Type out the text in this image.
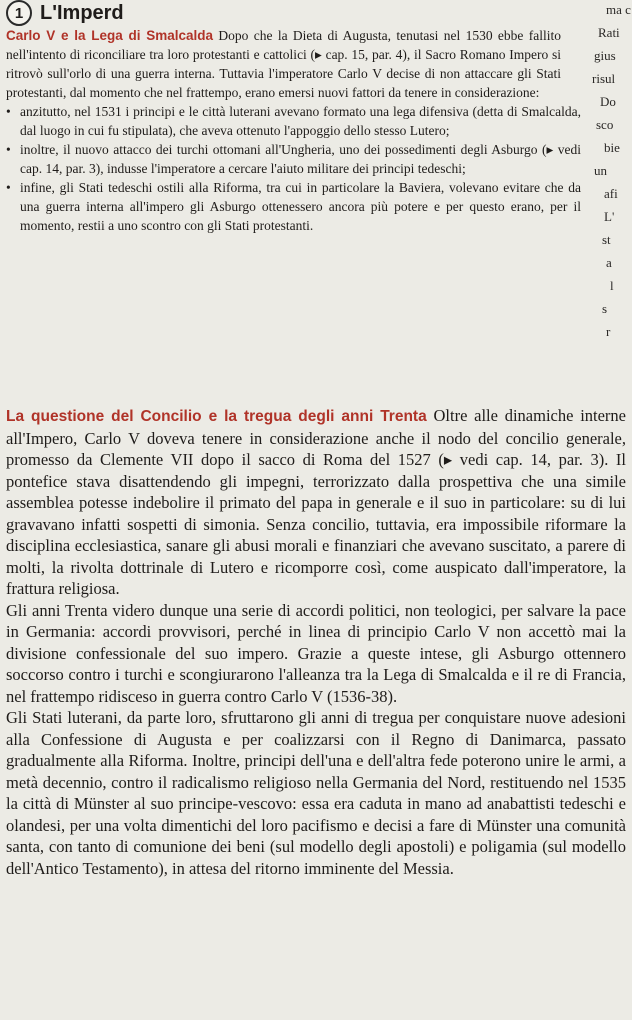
1 L'Imperd	ma c
Rati
gius
risul
Do
sco
bie
un
afi
L'
st
a
l
s
r

Carlo V e la Lega di Smalcalda Dopo che la Dieta di Augusta, tenutasi nel 1530 ebbe fallito nell'intento di riconciliare tra loro protestanti e cattolici (▸ cap. 15, par. 4), il Sacro Romano Impero si ritrovò sull'orlo di una guerra interna. Tuttavia l'imperatore Carlo V decise di non attaccare gli Stati protestanti, dal momento che nel frattempo, erano emersi nuovi fattori da tenere in considerazione:

• anzitutto, nel 1531 i principi e le città luterani avevano formato una lega difensiva (detta di Smalcalda, dal luogo in cui fu stipulata), che aveva ottenuto l'appoggio dello stesso Lutero;
• inoltre, il nuovo attacco dei turchi ottomani all'Ungheria, uno dei possedimenti degli Asburgo (▸ vedi cap. 14, par. 3), indusse l'imperatore a cercare l'aiuto militare dei principi tedeschi;
• infine, gli Stati tedeschi ostili alla Riforma, tra cui in particolare la Baviera, volevano evitare che da una guerra interna all'impero gli Asburgo ottenessero ancora più potere e per questo erano, per il momento, restii a uno scontro con gli Stati protestanti.

La questione del Concilio e la tregua degli anni Trenta Oltre alle dinamiche interne all'Impero, Carlo V doveva tenere in considerazione anche il nodo del concilio generale, promesso da Clemente VII dopo il sacco di Roma del 1527 (▸ vedi cap. 14, par. 3). Il pontefice stava disattendendo gli impegni, terrorizzato dalla prospettiva che una simile assemblea potesse indebolire il primato del papa in generale e il suo in particolare: su di lui gravavano infatti sospetti di simonia. Senza concilio, tuttavia, era impossibile riformare la disciplina ecclesiastica, sanare gli abusi morali e finanziari che avevano suscitato, a parere di molti, la rivolta dottrinale di Lutero e ricomporre così, come auspicato dall'imperatore, la frattura religiosa.

Gli anni Trenta videro dunque una serie di accordi politici, non teologici, per salvare la pace in Germania: accordi provvisori, perché in linea di principio Carlo V non accettò mai la divisione confessionale del suo impero. Grazie a queste intese, gli Asburgo ottennero soccorso contro i turchi e scongiurarono l'alleanza tra la Lega di Smalcalda e il re di Francia, nel frattempo ridisceso in guerra contro Carlo V (1536-38).

Gli Stati luterani, da parte loro, sfruttarono gli anni di tregua per conquistare nuove adesioni alla Confessione di Augusta e per coalizzarsi con il Regno di Danimarca, passato gradualmente alla Riforma. Inoltre, principi dell'una e dell'altra fede poterono unire le armi, a metà decennio, contro il radicalismo religioso nella Germania del Nord, restituendo nel 1535 la città di Münster al suo principe-vescovo: essa era caduta in mano ad anabattisti tedeschi e olandesi, per una volta dimentichi del loro pacifismo e decisi a fare di Münster una comunità santa, con tanto di comunione dei beni (sul modello degli apostoli) e poligamia (sul modello dell'Antico Testamento), in attesa del ritorno imminente del Messia.
